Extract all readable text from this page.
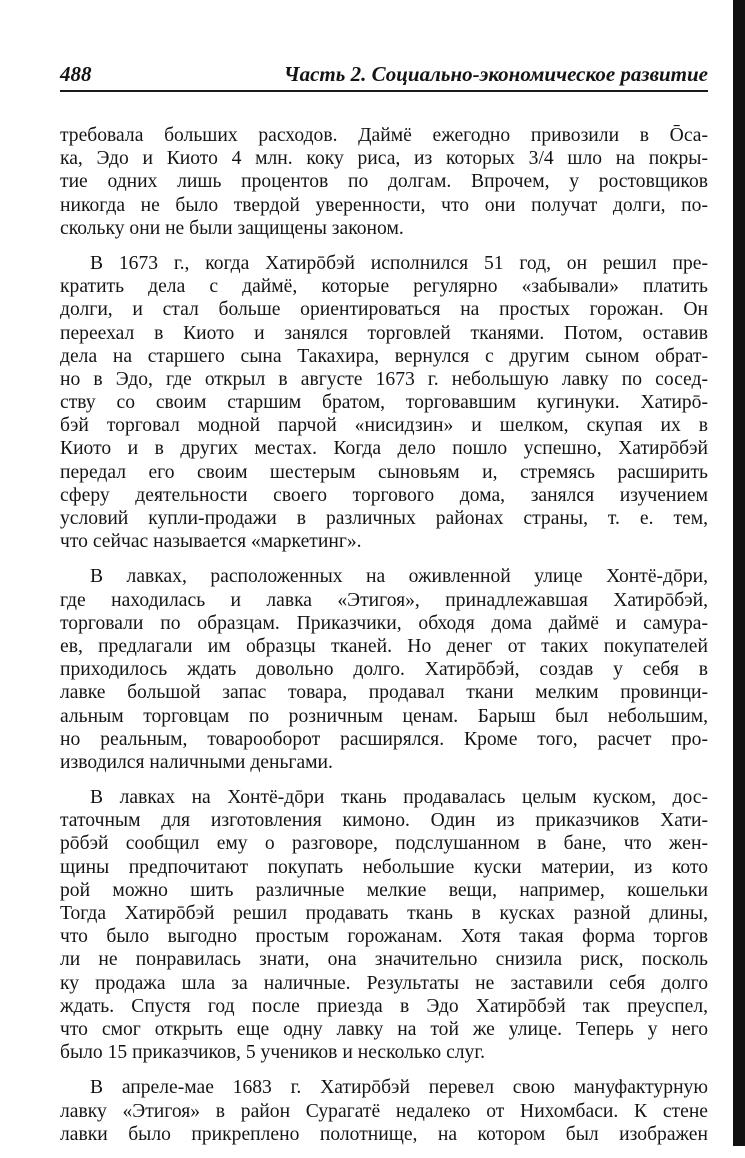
488	Часть 2. Социально-экономическое развитие
требовала больших расходов. Даймё ежегодно привозили в Ōса-
ка, Эдо и Киото 4 млн. коку риса, из которых 3/4 шло на покры-
тие одних лишь процентов по долгам. Впрочем, у ростовщиков
никогда не было твердой уверенности, что они получат долги, по-
скольку они не были защищены законом.
В 1673 г., когда Хатирōбэй исполнился 51 год, он решил пре-
кратить дела с даймё, которые регулярно «забывали» платить
долги, и стал больше ориентироваться на простых горожан. Он
переехал в Киото и занялся торговлей тканями. Потом, оставив
дела на старшего сына Такахира, вернулся с другим сыном обрат-
но в Эдо, где открыл в августе 1673 г. небольшую лавку по сосед-
ству со своим старшим братом, торговавшим кугинуки. Хатирō-
бэй торговал модной парчой «нисидзин» и шелком, скупая их в
Киото и в других местах. Когда дело пошло успешно, Хатирōбэй
передал его своим шестерым сыновьям и, стремясь расширить
сферу деятельности своего торгового дома, занялся изучением
условий купли-продажи в различных районах страны, т. е. тем,
что сейчас называется «маркетинг».
В лавках, расположенных на оживленной улице Хонтё-дōри,
где находилась и лавка «Этигоя», принадлежавшая Хатирōбэй,
торговали по образцам. Приказчики, обходя дома даймё и самура-
ев, предлагали им образцы тканей. Но денег от таких покупателей
приходилось ждать довольно долго. Хатирōбэй, создав у себя в
лавке большой запас товара, продавал ткани мелким провинци-
альным торговцам по розничным ценам. Барыш был небольшим,
но реальным, товарооборот расширялся. Кроме того, расчет про-
изводился наличными деньгами.
В лавках на Хонтё-дōри ткань продавалась целым куском, дос-
таточным для изготовления кимоно. Один из приказчиков Хати-
рōбэй сообщил ему о разговоре, подслушанном в бане, что жен-
щины предпочитают покупать небольшие куски материи, из кото
рой можно шить различные мелкие вещи, например, кошельки
Тогда Хатирōбэй решил продавать ткань в кусках разной длины,
что было выгодно простым горожанам. Хотя такая форма торгов
ли не понравилась знати, она значительно снизила риск, посколь
ку продажа шла за наличные. Результаты не заставили себя долго
ждать. Спустя год после приезда в Эдо Хатирōбэй так преуспел,
что смог открыть еще одну лавку на той же улице. Теперь у него
было 15 приказчиков, 5 учеников и несколько слуг.
В апреле-мае 1683 г. Хатирōбэй перевел свою мануфактурную
лавку «Этигоя» в район Сурагатё недалеко от Нихомбаси. К стене
лавки было прикреплено полотнище, на котором был изображен
